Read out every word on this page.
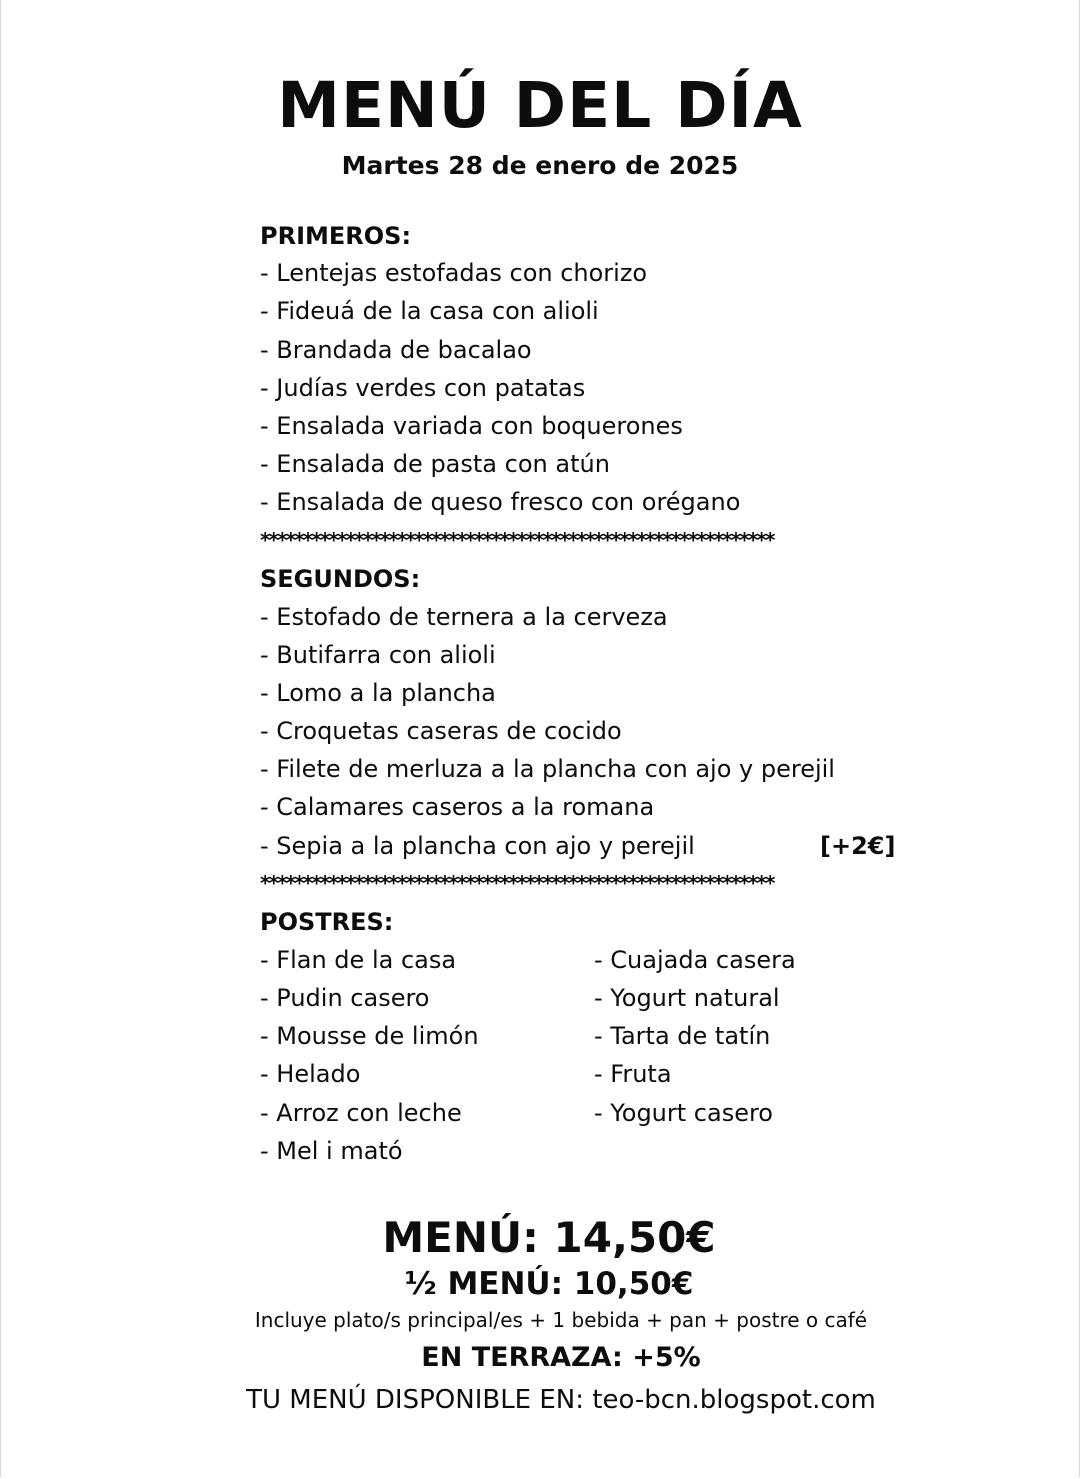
MENÚ DEL DÍA
Martes 28 de enero de 2025
PRIMEROS:
- Lentejas estofadas con chorizo
- Fideuá de la casa con alioli
- Brandada de bacalao
- Judías verdes con patatas
- Ensalada variada con boquerones
- Ensalada de pasta con atún
- Ensalada de queso fresco con orégano
************************************************************
SEGUNDOS:
- Estofado de ternera a la cerveza
- Butifarra con alioli
- Lomo a la plancha
- Croquetas caseras de cocido
- Filete de merluza a la plancha con ajo y perejil
- Calamares caseros a la romana
- Sepia a la plancha con ajo y perejil	[+2€]
************************************************************
POSTRES:
- Flan de la casa
- Pudin casero
- Mousse de limón
- Helado
- Arroz con leche
- Mel i mató
- Cuajada casera
- Yogurt natural
- Tarta de tatín
- Fruta
- Yogurt casero
MENÚ: 14,50€
½ MENÚ: 10,50€
Incluye plato/s principal/es + 1 bebida + pan + postre o café
EN TERRAZA: +5%
TU MENÚ DISPONIBLE EN: teo-bcn.blogspot.com
